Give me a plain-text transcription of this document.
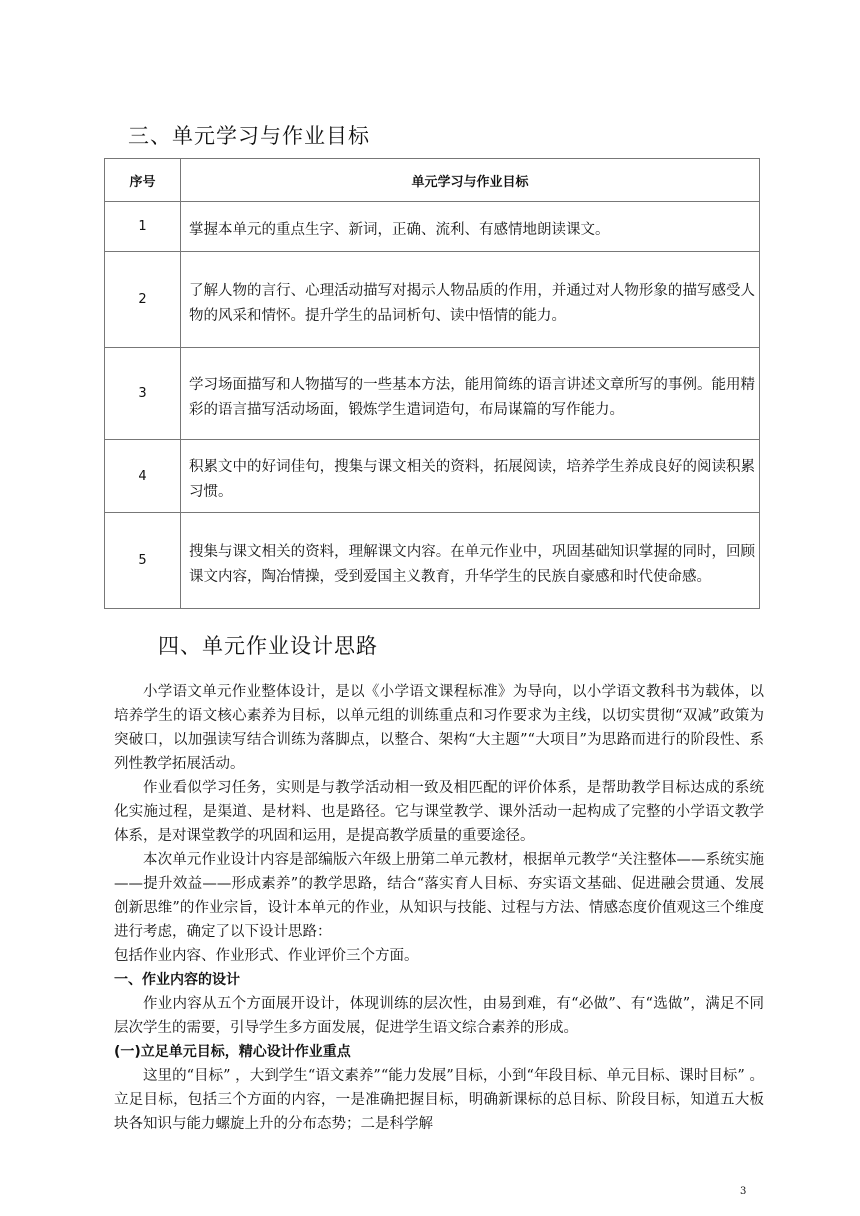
三、单元学习与作业目标
序号	单元学习与作业目标
1	掌握本单元的重点生字、新词，正确、流利、有感情地朗读课文。
2	了解人物的言行、心理活动描写对揭示人物品质的作用，并通过对人物形象的描写感受人物的风采和情怀。提升学生的品词析句、读中悟情的能力。
3	学习场面描写和人物描写的一些基本方法，能用简练的语言讲述文章所写的事例。能用精彩的语言描写活动场面，锻炼学生遣词造句，布局谋篇的写作能力。
4	积累文中的好词佳句，搜集与课文相关的资料，拓展阅读，培养学生养成良好的阅读积累习惯。
5	搜集与课文相关的资料，理解课文内容。在单元作业中，巩固基础知识掌握的同时，回顾课文内容，陶冶情操，受到爱国主义教育，升华学生的民族自豪感和时代使命感。
四、单元作业设计思路

小学语文单元作业整体设计，是以《小学语文课程标准》为导向，以小学语文教科书为载体，以培养学生的语文核心素养为目标，以单元组的训练重点和习作要求为主线，以切实贯彻“双减”政策为突破口，以加强读写结合训练为落脚点，以整合、架构“大主题”“大项目”为思路而进行的阶段性、系列性教学拓展活动。

作业看似学习任务，实则是与教学活动相一致及相匹配的评价体系，是帮助教学目标达成的系统化实施过程，是渠道、是材料、也是路径。它与课堂教学、课外活动一起构成了完整的小学语文教学体系，是对课堂教学的巩固和运用，是提高教学质量的重要途径。

本次单元作业设计内容是部编版六年级上册第二单元教材，根据单元教学“关注整体——系统实施——提升效益——形成素养”的教学思路，结合“落实育人目标、夯实语文基础、促进融会贯通、发展创新思维”的作业宗旨，设计本单元的作业，从知识与技能、过程与方法、情感态度价值观这三个维度进行考虑，确定了以下设计思路：

包括作业内容、作业形式、作业评价三个方面。

一、作业内容的设计

作业内容从五个方面展开设计，体现训练的层次性，由易到难，有“必做”、有“选做”，满足不同层次学生的需要，引导学生多方面发展，促进学生语文综合素养的形成。

(一)立足单元目标，精心设计作业重点

这里的“目标” ，大到学生“语文素养”“能力发展”目标，小到“年段目标、单元目标、课时目标” 。立足目标，包括三个方面的内容，一是准确把握目标，明确新课标的总目标、阶段目标，知道五大板块各知识与能力螺旋上升的分布态势；二是科学解

3
